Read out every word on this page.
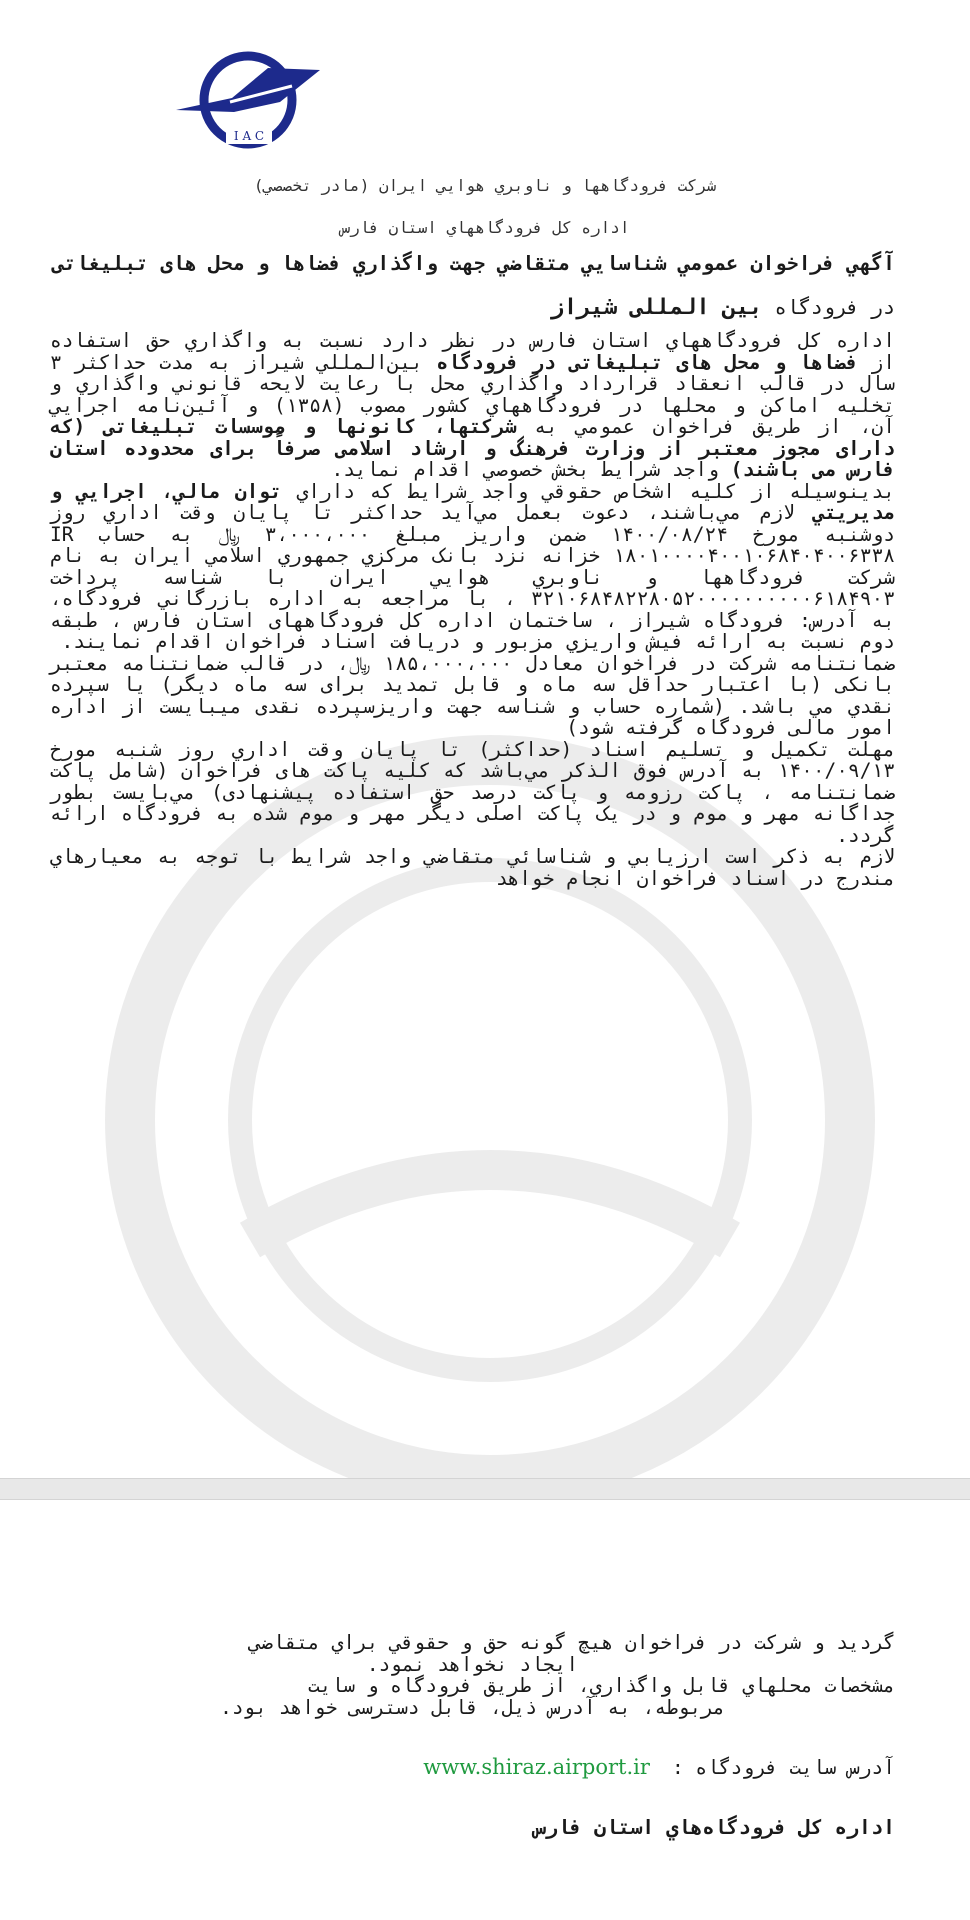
I A C
شرکت فرودگاهها و ناوبري هوايي ايران (مادر تخصصي)
اداره کل فرودگاههاي استان فارس
آگهي فراخوان عمومي شناسايي متقاضي جهت واگذاري فضاها و محل های تبلیغاتی
در فرودگاه بین المللی شیراز

اداره کل فرودگاههاي استان فارس در نظر دارد نسبت به واگذاري حق استفاده از فضاها و محل های تبلیغاتی در فرودگاه بین‌المللي شيراز به مدت حداکثر ۳ سال در قالب انعقاد قرارداد واگذاري محل با رعايت لايحه قانوني واگذاري و تخليه اماکن و محلها در فرودگاههاي کشور مصوب (۱۳۵۸) و آئين‌نامه اجرايي آن، از طريق فراخوان عمومي به شرکتها، کانونها و موسسات تبلیغاتی (که دارای مجوز معتبر از وزارت فرهنگ و ارشاد اسلامی صرفاً برای محدوده استان فارس می باشند) واجد شرايط بخش خصوصي اقدام نمايد.

بدينوسيله از کليه اشخاص حقوقي واجد شرايط که داراي توان مالي، اجرايي و مديريتي لازم مي‌باشند، دعوت بعمل مي‌آيد حداکثر تا پايان وقت اداري روز دوشنبه مورخ ۱۴۰۰/۰۸/۲۴ ضمن واريز مبلغ ۳،۰۰۰،۰۰۰ ﷼ به حساب IR ۱۸۰۱۰۰۰۰۴۰۰۱۰۶۸۴۰۴۰۰۶۳۳۸ خزانه نزد بانک مرکزي جمهوري اسلامي ايران به نام شرکت فرودگاهها و ناوبري هوايي ايران با شناسه پرداخت ۳۲۱۰۶۸۴۸۲۲۸۰۵۲۰۰۰۰۰۰۰۰۰۰۶۱۸۴۹۰۳ ، با مراجعه به اداره بازرگاني فرودگاه، به آدرس: فرودگاه شيراز ، ساختمان اداره کل فرودگاههای استان فارس ، طبقه دوم نسبت به ارائه فيش واريزي مزبور و دريافت اسناد فراخوان اقدام نمايند.

ضمانتنامه شرکت در فراخوان معادل ۱۸۵،۰۰۰،۰۰۰ ﷼، در قالب ضمانتنامه معتبر بانکی (با اعتبار حداقل سه ماه و قابل تمديد براى سه ماه ديگر) يا سپرده نقدي مي باشد. (شماره حساب و شناسه جهت واريزسپرده نقدی ميبايست از اداره امور مالی فرودگاه گرفته شود)

مهلت تکميل و تسليم اسناد (حداکثر) تا پايان وقت اداري روز شنبه مورخ ۱۴۰۰/۰۹/۱۳ به آدرس فوق الذکر مي‌باشد که کليه پاکت های فراخوان (شامل پاکت ضمانتنامه ، پاکت رزومه و پاکت درصد حق استفاده پيشنهادی) مي‌بايست بطور جداگانه مهر و موم و در يک پاکت اصلی ديگر مهر و موم شده به فرودگاه ارائه گردد.

لازم به ذکر است ارزيابي و شناسائي متقاضي واجد شرايط با توجه به معيارهاي مندرج در اسناد فراخوان انجام خواهد

گرديد و شرکت در فراخوان هيچ گونه حق و حقوقي براي متقاضي

ايجاد نخواهد نمود.

مشخصات محلهاي قابل واگذاري، از طريق فرودگاه و سايت

مربوطه، به آدرس ذيل، قابل دسترسی خواهد بود.

آدرس سايت فرودگاه :www.shiraz.airport.ir
اداره کل فرودگاه‌هاي استان فارس
